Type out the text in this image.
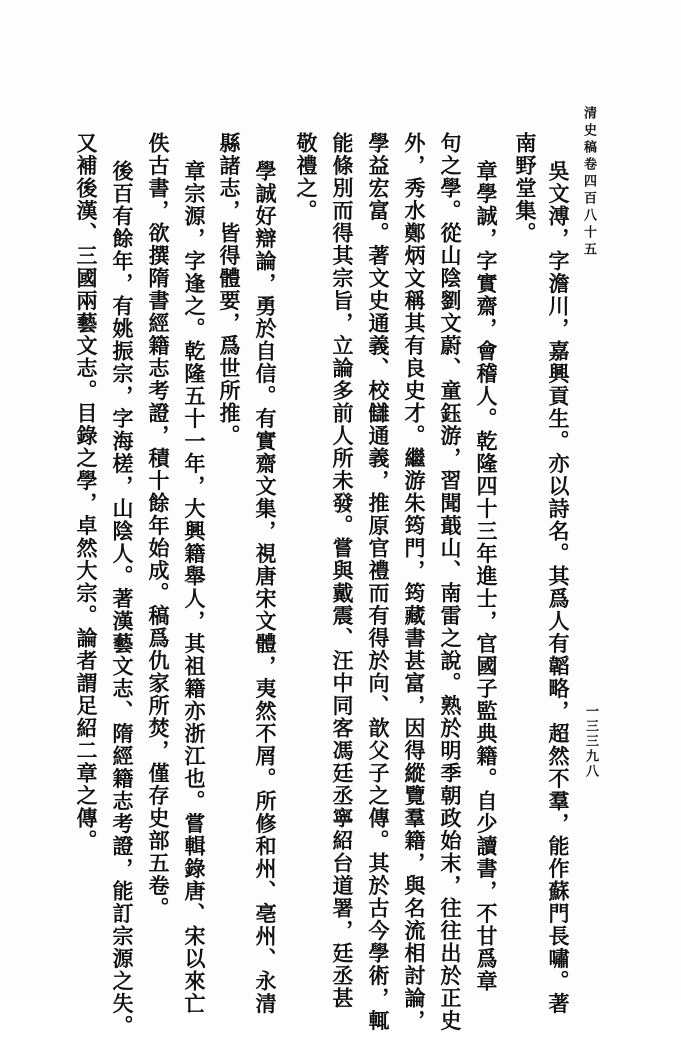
清史稿卷四百八十五
一三三九八
南野堂集。 吳文溥，字澹川，嘉興貢生。亦以詩名。其爲人有韜略，超然不羣，能作蘇門長嘯。著
章學誠，字實齋，會稽人。乾隆四十三年進士，官國子監典籍。自少讀書，不甘爲章
句之學。從山陰劉文蔚、童鈺游，習聞蕺山、南雷之說。熟於明季朝政始末，往往出於正史
外，秀水鄭炳文稱其有良史才。繼游朱筠門，筠藏書甚富，因得縱覽羣籍，與名流相討論，
學益宏富。著文史通義、校讎通義，推原官禮而有得於向、歆父子之傳。其於古今學術，輒
能條別而得其宗旨，立論多前人所未發。嘗與戴震、汪中同客馮廷丞寧紹台道署，廷丞甚
敬禮之。
學誠好辯論，勇於自信。有實齋文集，視唐宋文體，夷然不屑。所修和州、亳州、永清
縣諸志，皆得體要，爲世所推。
章宗源，字逢之。乾隆五十一年，大興籍舉人，其祖籍亦浙江也。嘗輯錄唐、宋以來亡
佚古書，欲撰隋書經籍志考證，積十餘年始成。稿爲仇家所焚，僅存史部五卷。
後百有餘年，有姚振宗，字海槎，山陰人。著漢藝文志、隋經籍志考證，能訂宗源之失。
又補後漢、三國兩藝文志。目錄之學，卓然大宗。論者謂足紹二章之傳。
